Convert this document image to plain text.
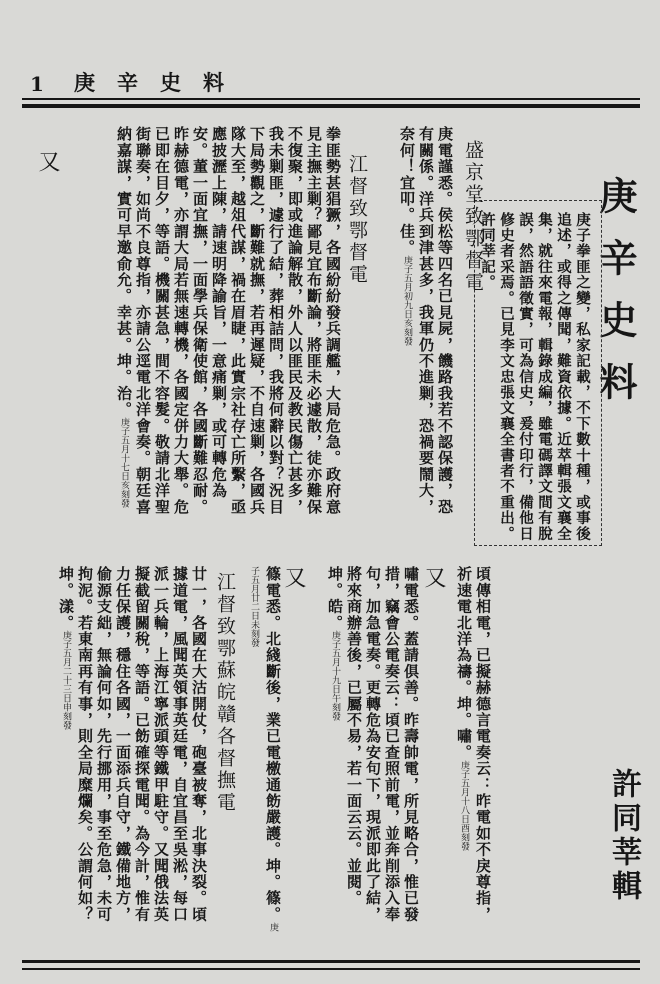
1 庚辛史料
庚辛史料
許同莘輯
庚子拳匪之變，私家記載，不下數十種，或事後追述，或得之傳聞，難資依據。近萃輯張文襄全集，就往來電報，輯錄成編，雖電碼譯文間有脫誤，然語語徵實，可為信史，爰付印行，備他日修史者采焉。已見李文忠張文襄全書者不重出。許同莘記。
盛京堂致鄂督電
庚電謹悉。侯松等四名已見屍，饑路我若不認保護，恐有關係。洋兵到津甚多，我軍仍不進剿，恐禍要鬧大，奈何！宜叩。佳。庚子五月初九日亥刻發
江督致鄂督電
拳匪勢甚猖獗，各國紛紛發兵調艦，大局危急。政府意見主撫主剿？鄙見宜布斷論，將匪未必遽散，徒亦難保不復聚，即或進論解散，外人以匪民及教民傷亡甚多，我未剿匪，遽行了結，葬相詰問，我將何辭以對？況目下局勢觀之，斷難就撫，若再遲疑，不自速剿，各國兵隊大至，越俎代謀，禍在眉睫，此實宗社存亡所繫，亟應披瀝上陳，請速明降諭旨，一意痛剿，或可轉危為安。董一面宜撫，一面學兵保衛使館，各國斷難忍耐。昨赫德電，亦謂大局若無速轉機，各國定併力大舉。危已即在目夕，等語。機關甚急，間不容髮。敬請北洋聖街聯奏，如尚不良尊指，亦請公逕電北洋會奏。朝廷喜納嘉謀，實可早邀俞允。幸甚。坤。治。庚子五月十七日亥刻發
又
頃傳相電，已擬赫德言電奏云：昨電如不戾尊指，祈速電北洋為禱。坤。嘯。庚子五月十八日酉刻發
又
嘯電悉。蓋請俱善。昨壽帥電，所見略合，惟已發措，竊會公電奏云：頃已查照前電，並奔削添入奉句，加急電奏。更轉危為安句下，現派即此了結，將來商辦善後，已屬不易，若一面云云。並閱。坤。皓。庚子五月十九日午刻發
又
篠電悉。北綫斷後，業已電檄通飭嚴護。坤。篠。庚子五月廿二日未刻發
江督致鄂蘇皖贛各督撫電
廿一，各國在大沽開仗，砲臺被奪，北事決裂。頃據道電，風聞英領事英廷電，自宜昌至吳淞，每口派一兵輪，上海江寧派頭等鐵甲駐守。又聞俄法英擬截留關稅，等語。已飭確探電聞。為今計，惟有力任保護，穩住各國，一面添兵自守，鐵備地方，偷源支絀，無論何如，先行挪用，事至危急，未可拘泥。若東南再有事，則全局糜爛矣。公謂何如？坤。漾。庚子五月二十三日申刻發
